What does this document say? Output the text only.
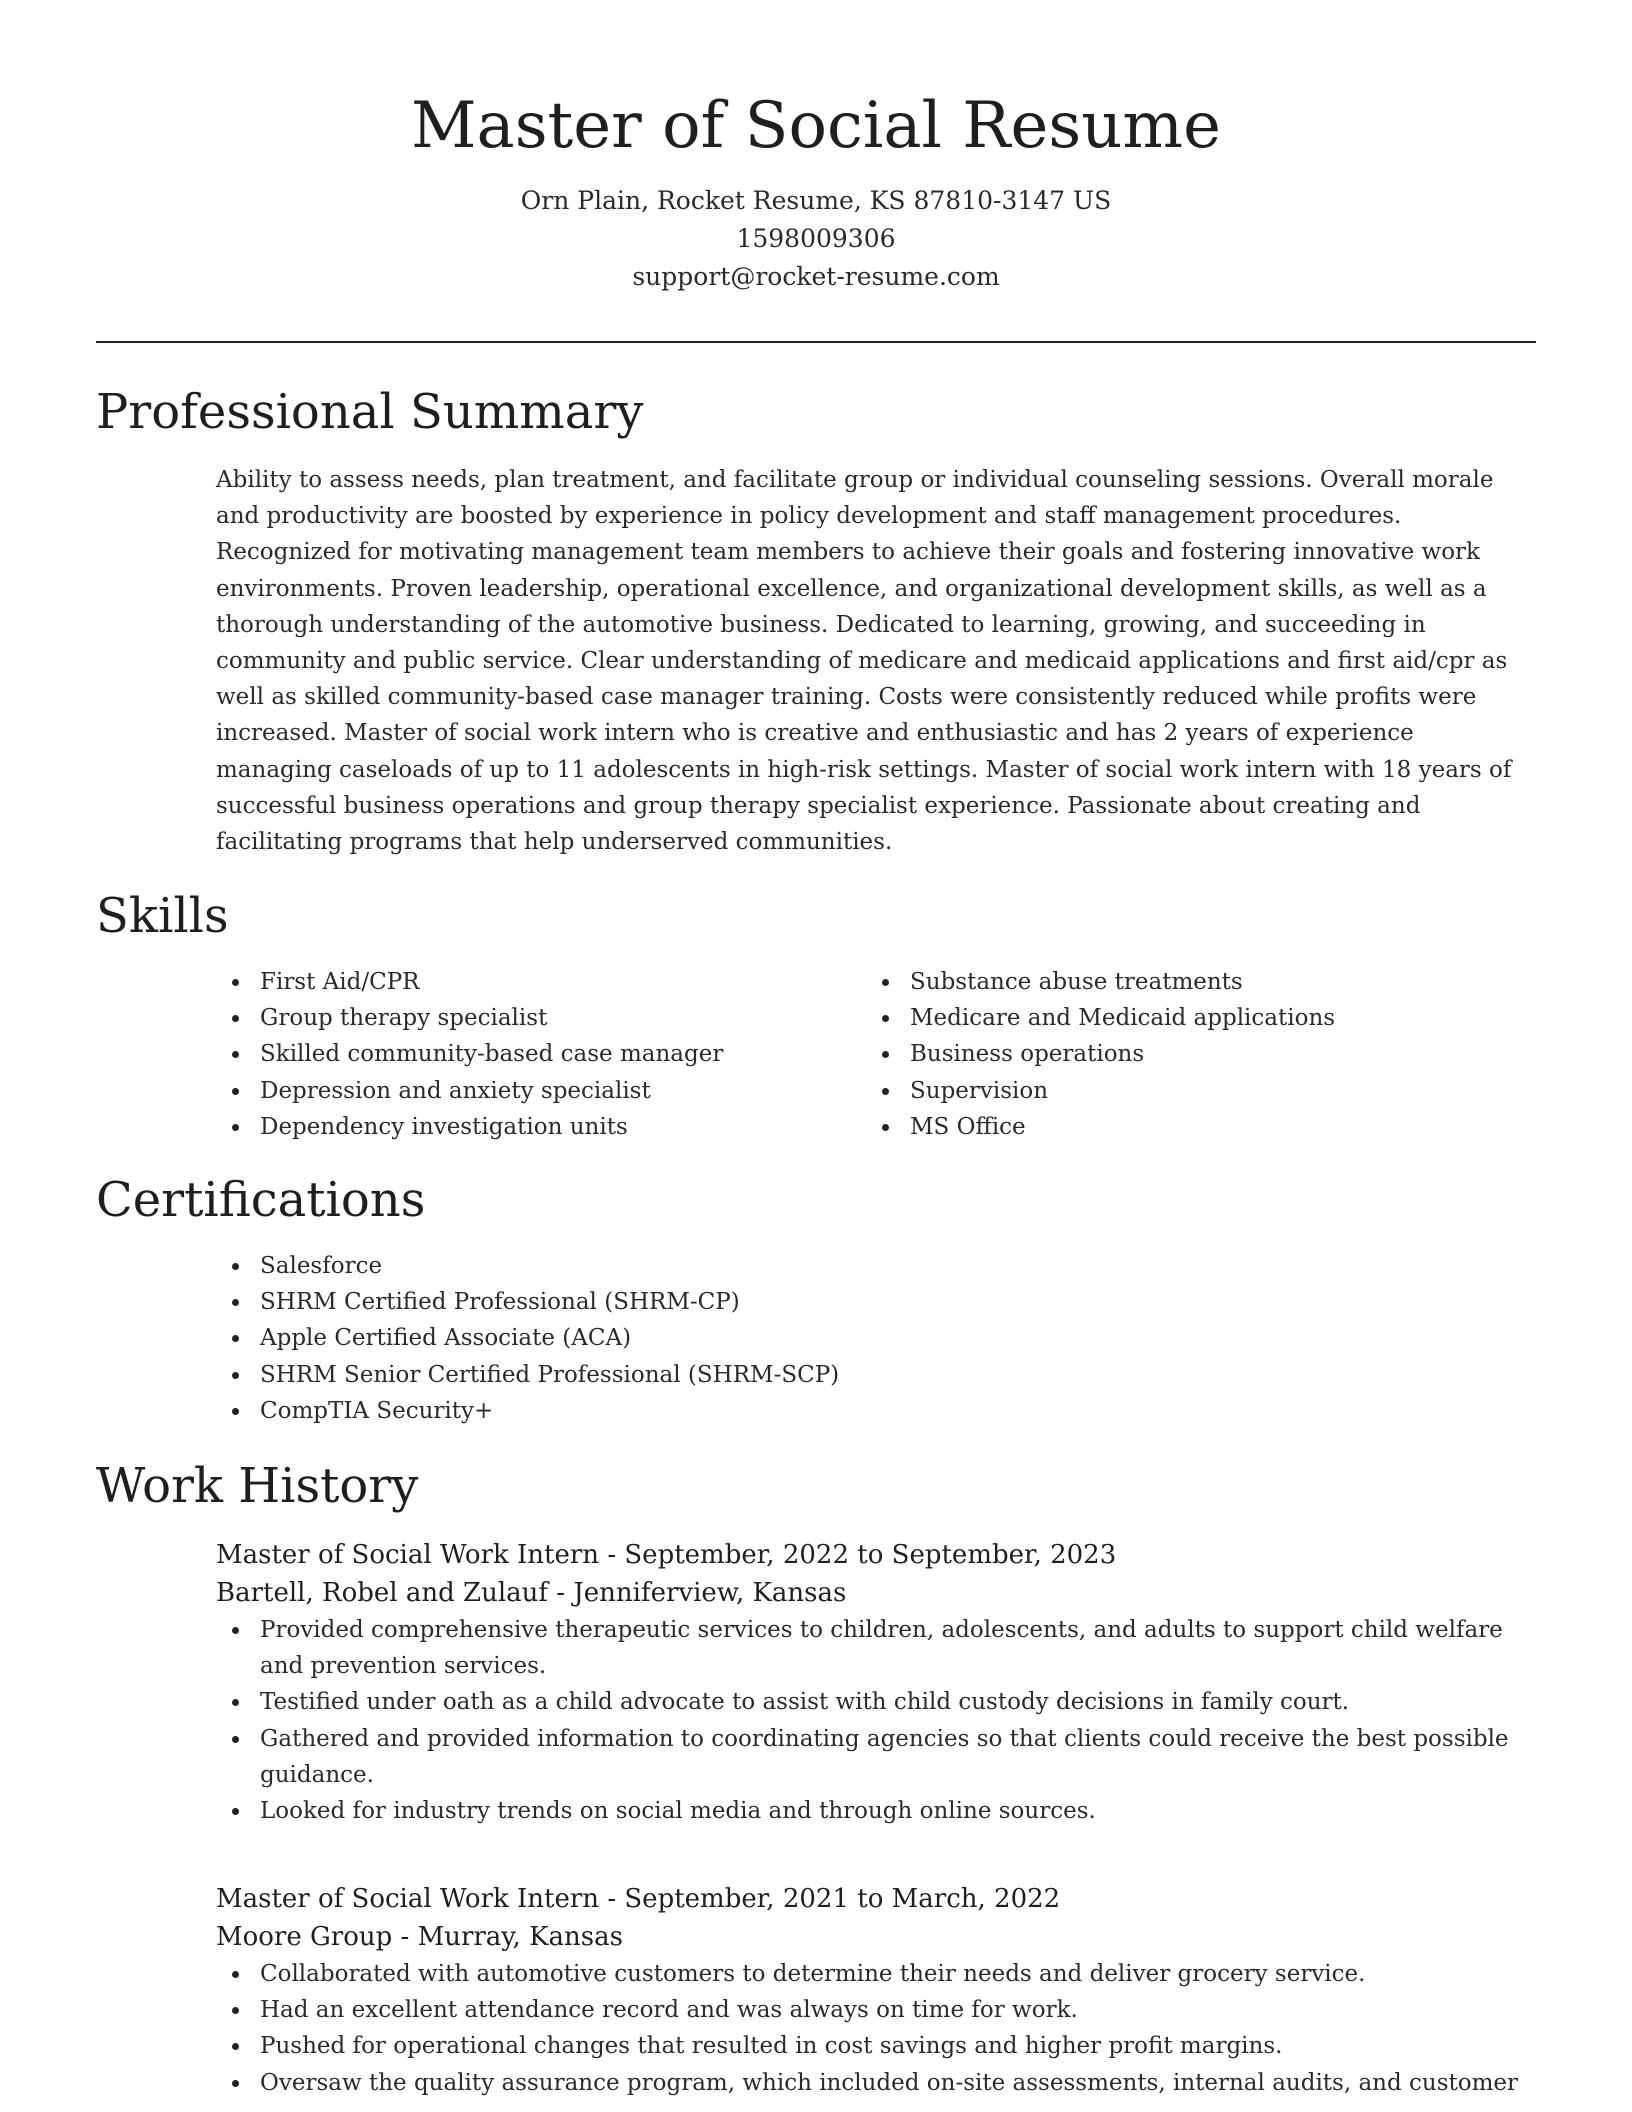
Master of Social Resume
Orn Plain, Rocket Resume, KS 87810-3147 US
1598009306
support@rocket-resume.com
Professional Summary

Ability to assess needs, plan treatment, and facilitate group or individual counseling sessions. Overall morale and productivity are boosted by experience in policy development and staff management procedures. Recognized for motivating management team members to achieve their goals and fostering innovative work environments. Proven leadership, operational excellence, and organizational development skills, as well as a thorough understanding of the automotive business. Dedicated to learning, growing, and succeeding in community and public service. Clear understanding of medicare and medicaid applications and first aid/cpr as well as skilled community-based case manager training. Costs were consistently reduced while profits were increased. Master of social work intern who is creative and enthusiastic and has 2 years of experience managing caseloads of up to 11 adolescents in high-risk settings. Master of social work intern with 18 years of successful business operations and group therapy specialist experience. Passionate about creating and facilitating programs that help underserved communities.

Skills
First Aid/CPR
Group therapy specialist
Skilled community-based case manager
Depression and anxiety specialist
Dependency investigation units
Substance abuse treatments
Medicare and Medicaid applications
Business operations
Supervision
MS Office
Certifications
Salesforce
SHRM Certified Professional (SHRM-CP)
Apple Certified Associate (ACA)
SHRM Senior Certified Professional (SHRM-SCP)
CompTIA Security+
Work History
Master of Social Work Intern - September, 2022 to September, 2023
Bartell, Robel and Zulauf - Jenniferview, Kansas
Provided comprehensive therapeutic services to children, adolescents, and adults to support child welfare and prevention services.
Testified under oath as a child advocate to assist with child custody decisions in family court.
Gathered and provided information to coordinating agencies so that clients could receive the best possible guidance.
Looked for industry trends on social media and through online sources.
Master of Social Work Intern - September, 2021 to March, 2022
Moore Group - Murray, Kansas
Collaborated with automotive customers to determine their needs and deliver grocery service.
Had an excellent attendance record and was always on time for work.
Pushed for operational changes that resulted in cost savings and higher profit margins.
Oversaw the quality assurance program, which included on-site assessments, internal audits, and customer
